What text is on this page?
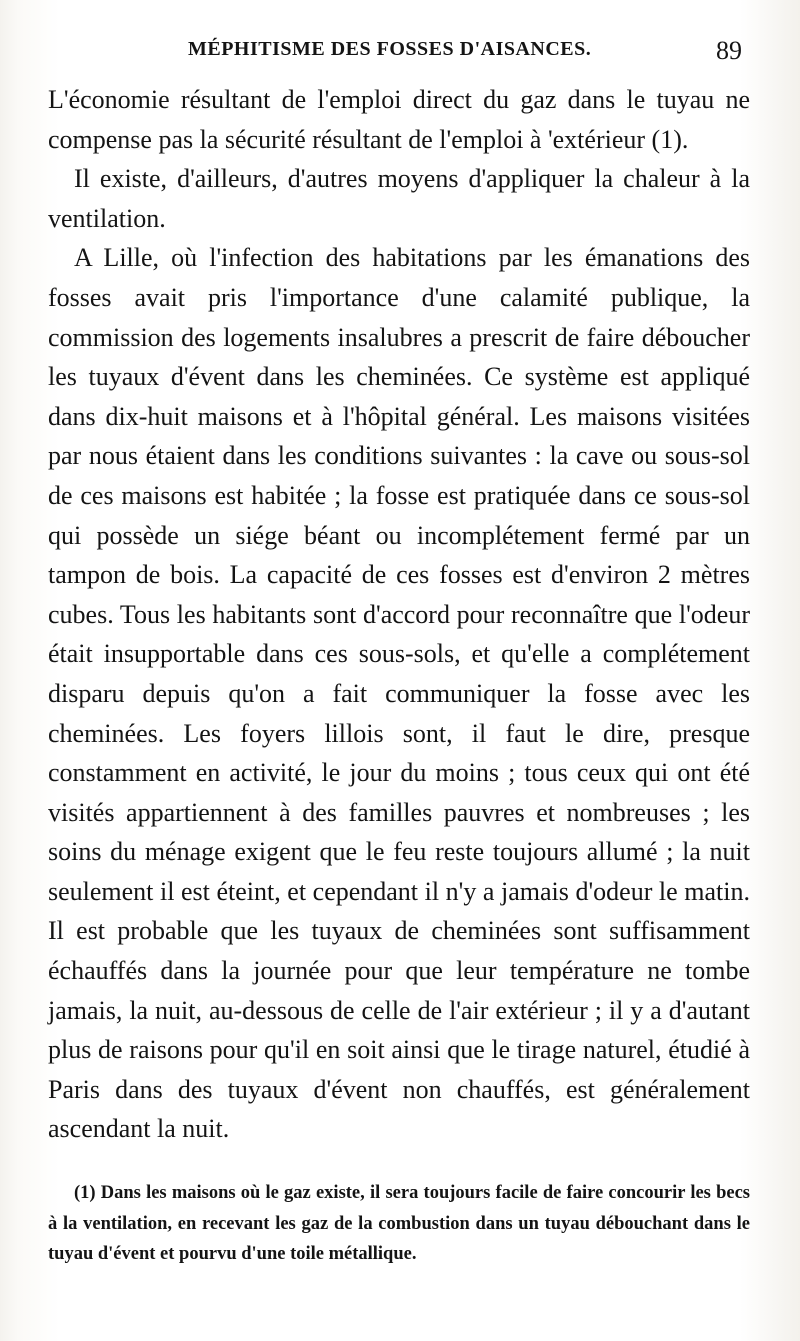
MÉPHITISME DES FOSSES D'AISANCES.	89

L'économie résultant de l'emploi direct du gaz dans le tuyau ne compense pas la sécurité résultant de l'emploi à 'extérieur (1).

Il existe, d'ailleurs, d'autres moyens d'appliquer la chaleur à la ventilation.

A Lille, où l'infection des habitations par les émanations des fosses avait pris l'importance d'une calamité publique, la commission des logements insalubres a prescrit de faire déboucher les tuyaux d'évent dans les cheminées. Ce système est appliqué dans dix-huit maisons et à l'hôpital général. Les maisons visitées par nous étaient dans les conditions suivantes : la cave ou sous-sol de ces maisons est habitée ; la fosse est pratiquée dans ce sous-sol qui possède un siége béant ou incomplétement fermé par un tampon de bois. La capacité de ces fosses est d'environ 2 mètres cubes. Tous les habitants sont d'accord pour reconnaître que l'odeur était insupportable dans ces sous-sols, et qu'elle a complétement disparu depuis qu'on a fait communiquer la fosse avec les cheminées. Les foyers lillois sont, il faut le dire, presque constamment en activité, le jour du moins ; tous ceux qui ont été visités appartiennent à des familles pauvres et nombreuses ; les soins du ménage exigent que le feu reste toujours allumé ; la nuit seulement il est éteint, et cependant il n'y a jamais d'odeur le matin. Il est probable que les tuyaux de cheminées sont suffisamment échauffés dans la journée pour que leur température ne tombe jamais, la nuit, au-dessous de celle de l'air extérieur ; il y a d'autant plus de raisons pour qu'il en soit ainsi que le tirage naturel, étudié à Paris dans des tuyaux d'évent non chauffés, est généralement ascendant la nuit.

(1) Dans les maisons où le gaz existe, il sera toujours facile de faire concourir les becs à la ventilation, en recevant les gaz de la combustion dans un tuyau débouchant dans le tuyau d'évent et pourvu d'une toile métallique.
